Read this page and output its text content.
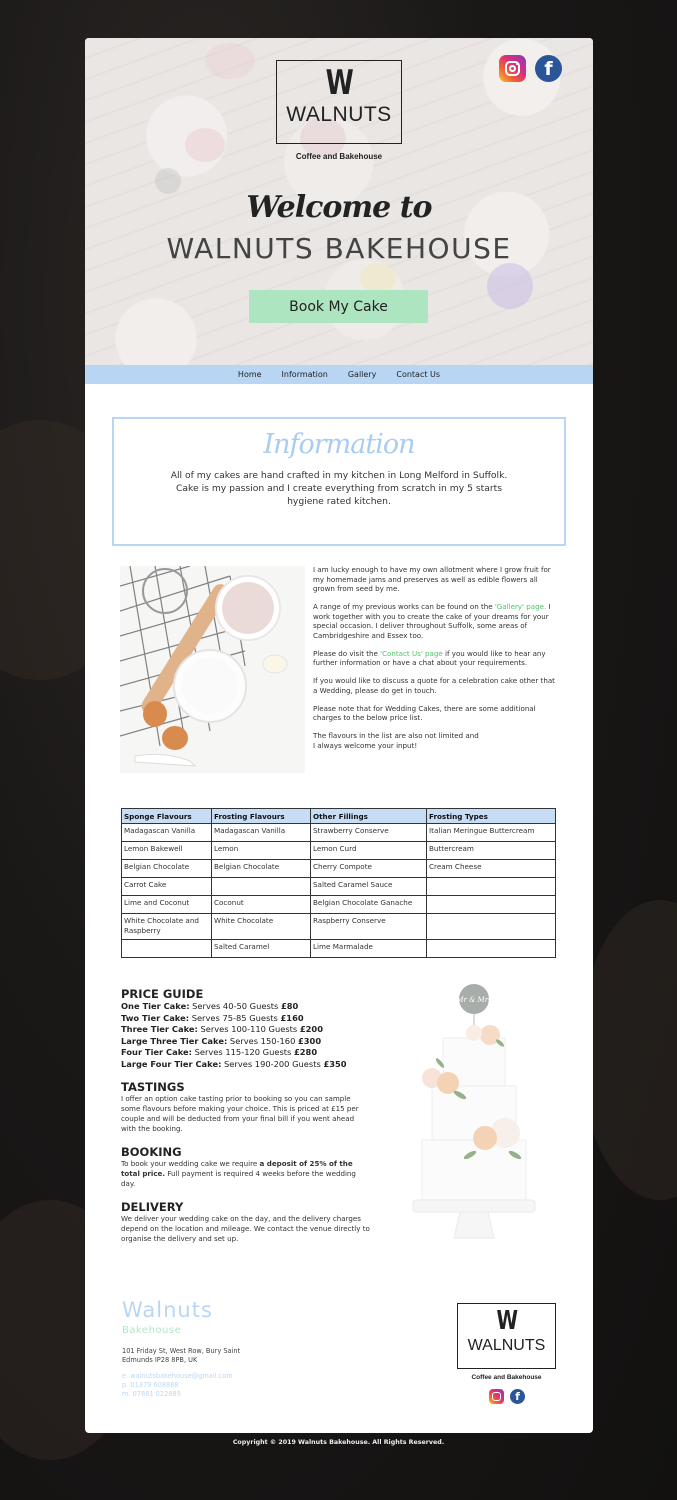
W
WALNUTS
Coffee and Bakehouse
f
Welcome to
WALNUTS BAKEHOUSE
Book My Cake
Home	Information	Gallery	Contact Us
Information
All of my cakes are hand crafted in my kitchen in Long Melford in Suffolk. Cake is my passion and I create everything from scratch in my 5 starts hygiene rated kitchen.

I am lucky enough to have my own allotment where I grow fruit for my homemade jams and preserves as well as edible flowers all grown from seed by me.

A range of my previous works can be found on the 'Gallery' page. I work together with you to create the cake of your dreams for your special occasion. I deliver throughout Suffolk, some areas of Cambridgeshire and Essex too.

Please do visit the 'Contact Us' page if you would like to hear any further information or have a chat about your requirements.

If you would like to discuss a quote for a celebration cake other that a Wedding, please do get in touch.

Please note that for Wedding Cakes, there are some additional charges to the below price list.

The flavours in the list are also not limited and
I always welcome your input!

Sponge Flavours	Frosting Flavours	Other Fillings	Frosting Types
Madagascan Vanilla	Madagascan Vanilla	Strawberry Conserve	Italian Meringue Buttercream
Lemon Bakewell	Lemon	Lemon Curd	Buttercream
Belgian Chocolate	Belgian Chocolate	Cherry Compote	Cream Cheese
Carrot Cake		Salted Caramel Sauce	
Lime and Coconut	Coconut	Belgian Chocolate Ganache	
White Chocolate and Raspberry	White Chocolate	Raspberry Conserve	
	Salted Caramel	Lime Marmalade	
PRICE GUIDE
One Tier Cake: Serves 40-50 Guests £80
Two Tier Cake: Serves 75-85 Guests £160
Three Tier Cake: Serves 100-110 Guests £200
Large Three Tier Cake: Serves 150-160 £300
Four Tier Cake: Serves 115-120 Guests £280
Large Four Tier Cake: Serves 190-200 Guests £350
TASTINGS

I offer an option cake tasting prior to booking so you can sample some flavours before making your choice. This is priced at £15 per couple and will be deducted from your final bill if you went ahead with the booking.

BOOKING

To book your wedding cake we require a deposit of 25% of the total price. Full payment is required 4 weeks before the wedding day.

DELIVERY

We deliver your wedding cake on the day, and the delivery charges depend on the location and mileage. We contact the venue directly to organise the delivery and set up.

Mr & Mrs
Walnuts
Bakehouse
101 Friday St, West Row, Bury Saint Edmunds IP28 8PB, UK
e. walnutsbakehouse@gmail.com
p. 01379 608888
m. 07881 022889
W
WALNUTS
Coffee and Bakehouse
f
Copyright © 2019 Walnuts Bakehouse. All Rights Reserved.
